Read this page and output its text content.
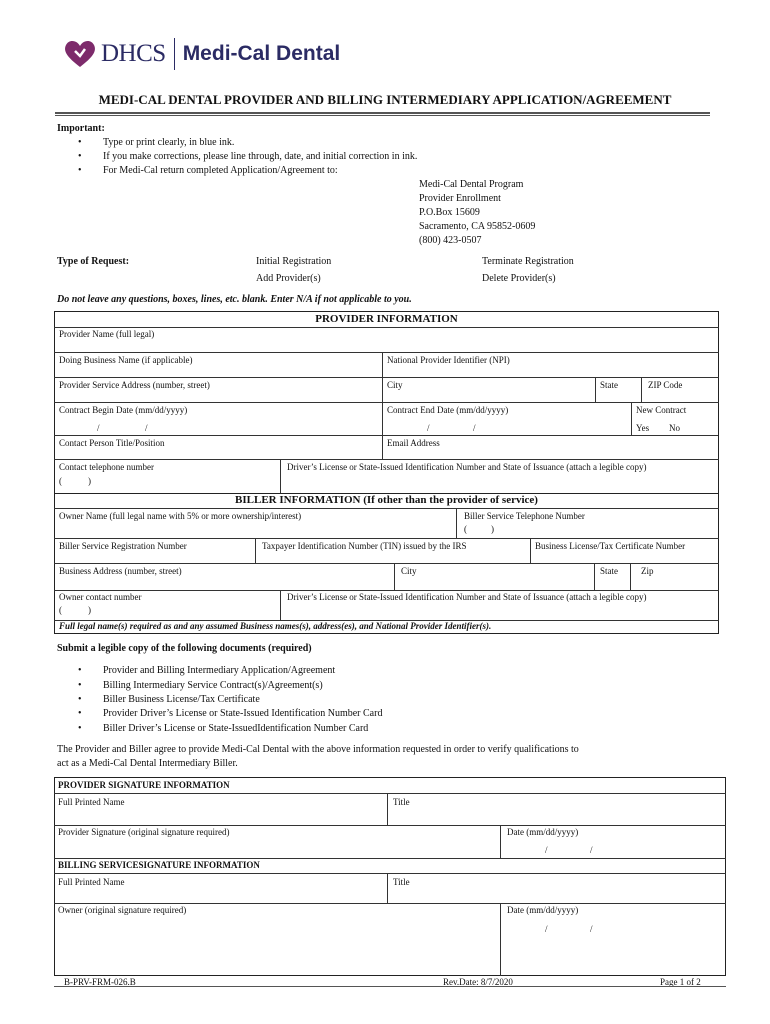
DHCS Medi-Cal Dental
MEDI-CAL DENTAL PROVIDER AND BILLING INTERMEDIARY APPLICATION/AGREEMENT
Important:
• Type or print clearly, in blue ink.
• If you make corrections, please line through, date, and initial correction in ink.
• For Medi-Cal return completed Application/Agreement to:
Medi-Cal Dental Program
Provider Enrollment
P.O.Box 15609
Sacramento, CA 95852-0609
(800) 423-0507
Type of Request:	Initial Registration
Add Provider(s)
Terminate Registration
Delete Provider(s)
Do not leave any questions, boxes, lines, etc. blank. Enter N/A if not applicable to you.
PROVIDER INFORMATION
Provider Name (full legal)
Doing Business Name (if applicable)	National Provider Identifier (NPI)
Provider Service Address (number, street)	City	State	ZIP Code
Contract Begin Date (mm/dd/yyyy)
/	/
Contract End Date (mm/dd/yyyy)
/	/
New Contract
Yes No
Contact Person Title/Position	Email Address
Contact telephone number
(	)
Driver’s License or State-Issued Identification Number and State of Issuance (attach a legible copy)
BILLER INFORMATION (If other than the provider of service)
Owner Name (full legal name with 5% or more ownership/interest)	Biller Service Telephone Number
(	)
Biller Service Registration Number	Taxpayer Identification Number (TIN) issued by the IRS	Business License/Tax Certificate Number
Business Address (number, street)	City	State	Zip
Owner contact number
(	)
Driver’s License or State-Issued Identification Number and State of Issuance (attach a legible copy)
Full legal name(s) required as and any assumed Business names(s), address(es), and National Provider Identifier(s).
Submit a legible copy of the following documents (required)
• Provider and Billing Intermediary Application/Agreement
• Billing Intermediary Service Contract(s)/Agreement(s)
• Biller Business License/Tax Certificate
• Provider Driver’s License or State-Issued Identification Number Card
• Biller Driver’s License or State-IssuedIdentification Number Card
The Provider and Biller agree to provide Medi-Cal Dental with the above information requested in order to verify qualifications to
act as a Medi-Cal Dental Intermediary Biller.
PROVIDER SIGNATURE INFORMATION
Full Printed Name	Title
Provider Signature (original signature required)	Date (mm/dd/yyyy)
/	/
BILLING SERVICESIGNATURE INFORMATION
Full Printed Name	Title
Owner (original signature required)	Date (mm/dd/yyyy)
/	/
B-PRV-FRM-026.B	Rev.Date: 8/7/2020	Page 1 of 2
